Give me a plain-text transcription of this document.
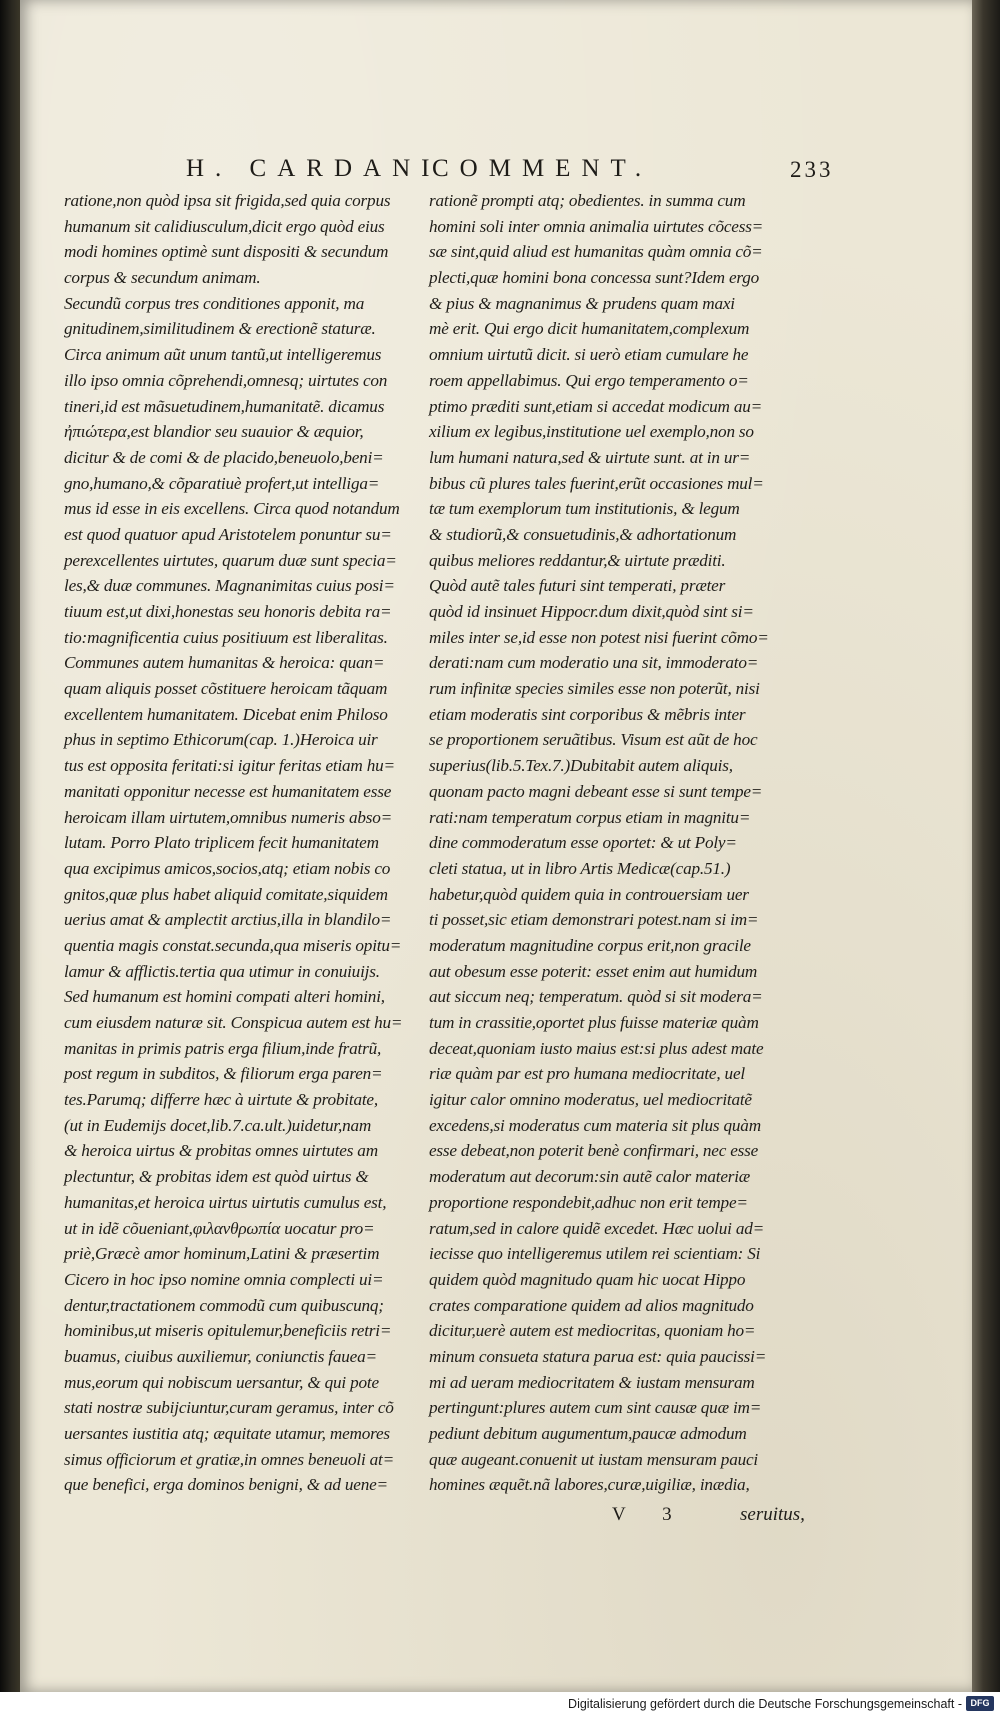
H. CARDANI
COMMENT.	233
ratione,non quòd ipsa sit frigida,sed quia corpus
humanum sit calidiusculum,dicit ergo quòd eius
modi homines optimè sunt dispositi & secundum
corpus & secundum animam.
Secundũ corpus tres conditiones apponit, ma
gnitudinem,similitudinem & erectionẽ staturæ.
Circa animum aũt unum tantũ,ut intelligeremus
illo ipso omnia cõprehendi,omnesq; uirtutes con
tineri,id est mãsuetudinem,humanitatẽ. dicamus
ἠπιώτερα,est blandior seu suauior & æquior,
dicitur & de comi & de placido,beneuolo,beni=
gno,humano,& cõparatiuè profert,ut intelliga=
mus id esse in eis excellens. Circa quod notandum
est quod quatuor apud Aristotelem ponuntur su=
perexcellentes uirtutes, quarum duæ sunt specia=
les,& duæ communes. Magnanimitas cuius posi=
tiuum est,ut dixi,honestas seu honoris debita ra=
tio:magnificentia cuius positiuum est liberalitas.
Communes autem humanitas & heroica: quan=
quam aliquis posset cõstituere heroicam tãquam
excellentem humanitatem. Dicebat enim Philoso
phus in septimo Ethicorum(cap. 1.)Heroica uir
tus est opposita feritati:si igitur feritas etiam hu=
manitati opponitur necesse est humanitatem esse
heroicam illam uirtutem,omnibus numeris abso=
lutam. Porro Plato triplicem fecit humanitatem
qua excipimus amicos,socios,atq; etiam nobis co
gnitos,quæ plus habet aliquid comitate,siquidem
uerius amat & amplectit arctius,illa in blandilo=
quentia magis constat.secunda,qua miseris opitu=
lamur & afflictis.tertia qua utimur in conuiuijs.
Sed humanum est homini compati alteri homini,
cum eiusdem naturæ sit. Conspicua autem est hu=
manitas in primis patris erga filium,inde fratrũ,
post regum in subditos, & filiorum erga paren=
tes.Parumq; differre hæc à uirtute & probitate,
(ut in Eudemijs docet,lib.7.ca.ult.)uidetur,nam
& heroica uirtus & probitas omnes uirtutes am
plectuntur, & probitas idem est quòd uirtus &
humanitas,et heroica uirtus uirtutis cumulus est,
ut in idẽ cõueniant,φιλανθρωπία uocatur pro=
priè,Græcè amor hominum,Latini & præsertim
Cicero in hoc ipso nomine omnia complecti ui=
dentur,tractationem commodũ cum quibuscunq;
hominibus,ut miseris opitulemur,beneficiis retri=
buamus, ciuibus auxiliemur, coniunctis faueа=
mus,eorum qui nobiscum uersantur, & qui pote
stati nostræ subijciuntur,curam geramus, inter cõ
uersantes iustitia atq; æquitate utamur, memores
simus officiorum et gratiæ,in omnes beneuoli at=
que benefici, erga dominos benigni, & ad uene=
rationẽ prompti atq; obedientes. in summa cum
homini soli inter omnia animalia uirtutes cõcess=
sæ sint,quid aliud est humanitas quàm omnia cõ=
plecti,quæ homini bona concessa sunt?Idem ergo
& pius & magnanimus & prudens quam maxi
mè erit. Qui ergo dicit humanitatem,complexum
omnium uirtutũ dicit. si uerò etiam cumulare he
roem appellabimus. Qui ergo temperamento o=
ptimo præditi sunt,etiam si accedat modicum au=
xilium ex legibus,institutione uel exemplo,non so
lum humani natura,sed & uirtute sunt. at in ur=
bibus cũ plures tales fuerint,erũt occasiones mul=
tæ tum exemplorum tum institutionis, & legum
& studiorũ,& consuetudinis,& adhortationum
quibus meliores reddantur,& uirtute præditi.
Quòd autẽ tales futuri sint temperati, præter
quòd id insinuet Hippocr.dum dixit,quòd sint si=
miles inter se,id esse non potest nisi fuerint cõmo=
derati:nam cum moderatio una sit, immoderato=
rum infinitæ species similes esse non poterũt, nisi
etiam moderatis sint corporibus & mẽbris inter
se proportionem seruãtibus. Visum est aũt de hoc
superius(lib.5.Tex.7.)Dubitabit autem aliquis,
quonam pacto magni debeant esse si sunt tempe=
rati:nam temperatum corpus etiam in magnitu=
dine commoderatum esse oportet: & ut Poly=
cleti statua, ut in libro Artis Medicæ(cap.51.)
habetur,quòd quidem quia in controuersiam uer
ti posset,sic etiam demonstrari potest.nam si im=
moderatum magnitudine corpus erit,non gracile
aut obesum esse poterit: esset enim aut humidum
aut siccum neq; temperatum. quòd si sit modera=
tum in crassitie,oportet plus fuisse materiæ quàm
deceat,quoniam iusto maius est:si plus adest mate
riæ quàm par est pro humana mediocritate, uel
igitur calor omnino moderatus, uel mediocritatẽ
excedens,si moderatus cum materia sit plus quàm
esse debeat,non poterit benè confirmari, nec esse
moderatum aut decorum:sin autẽ calor materiæ
proportione respondebit,adhuc non erit tempe=
ratum,sed in calore quidẽ excedet. Hæc uolui ad=
iecisse quo intelligeremus utilem rei scientiam: Si
quidem quòd magnitudo quam hic uocat Hippo
crates comparatione quidem ad alios magnitudo
dicitur,uerè autem est mediocritas, quoniam ho=
minum consueta statura parua est: quia paucissi=
mi ad ueram mediocritatem & iustam mensuram
pertingunt:plures autem cum sint causæ quæ im=
pediunt debitum augumentum,paucæ admodum
quæ augeant.conuenit ut iustam mensuram pauci
homines æquẽt.nã labores,curæ,uigiliæ, inædia,
V 3	seruitus,
Digitalisierung gefördert durch die Deutsche Forschungsgemeinschaft - DFG
